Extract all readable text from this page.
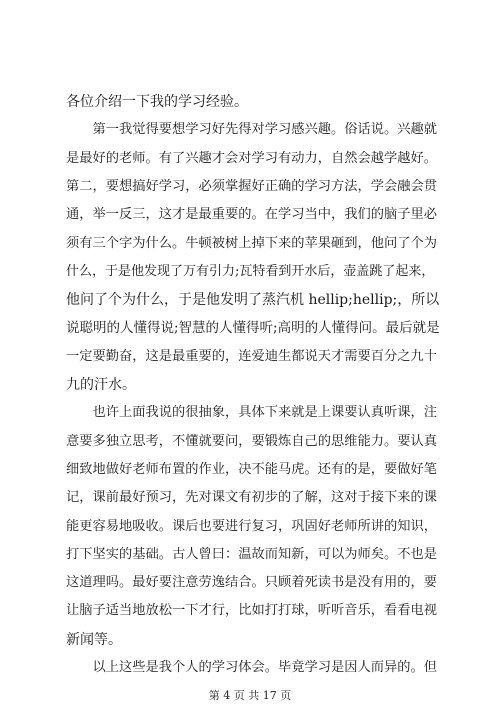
各位介绍一下我的学习经验。
　　第一我觉得要想学习好先得对学习感兴趣。俗话说。兴趣就
是最好的老师。有了兴趣才会对学习有动力，自然会越学越好。
第二，要想搞好学习，必须掌握好正确的学习方法，学会融会贯
通，举一反三，这才是最重要的。在学习当中，我们的脑子里必
须有三个字为什么。牛顿被树上掉下来的苹果砸到，他问了个为
什么，于是他发现了万有引力;瓦特看到开水后，壶盖跳了起来，
他问了个为什么，于是他发明了蒸汽机 hellip;hellip;，所以
说聪明的人懂得说;智慧的人懂得听;高明的人懂得问。最后就是
一定要勤奋，这是最重要的，连爱迪生都说天才需要百分之九十
九的汗水。
　　也许上面我说的很抽象，具体下来就是上课要认真听课，注
意要多独立思考，不懂就要问，要锻炼自己的思维能力。要认真
细致地做好老师布置的作业，决不能马虎。还有的是，要做好笔
记，课前最好预习，先对课文有初步的了解，这对于接下来的课
能更容易地吸收。课后也要进行复习，巩固好老师所讲的知识，
打下坚实的基础。古人曾曰：温故而知新，可以为师矣。不也是
这道理吗。最好要注意劳逸结合。只顾着死读书是没有用的，要
让脑子适当地放松一下才行，比如打打球，听听音乐，看看电视
新闻等。
　　以上这些是我个人的学习体会。毕竟学习是因人而异的。但
第 4 页 共 17 页
